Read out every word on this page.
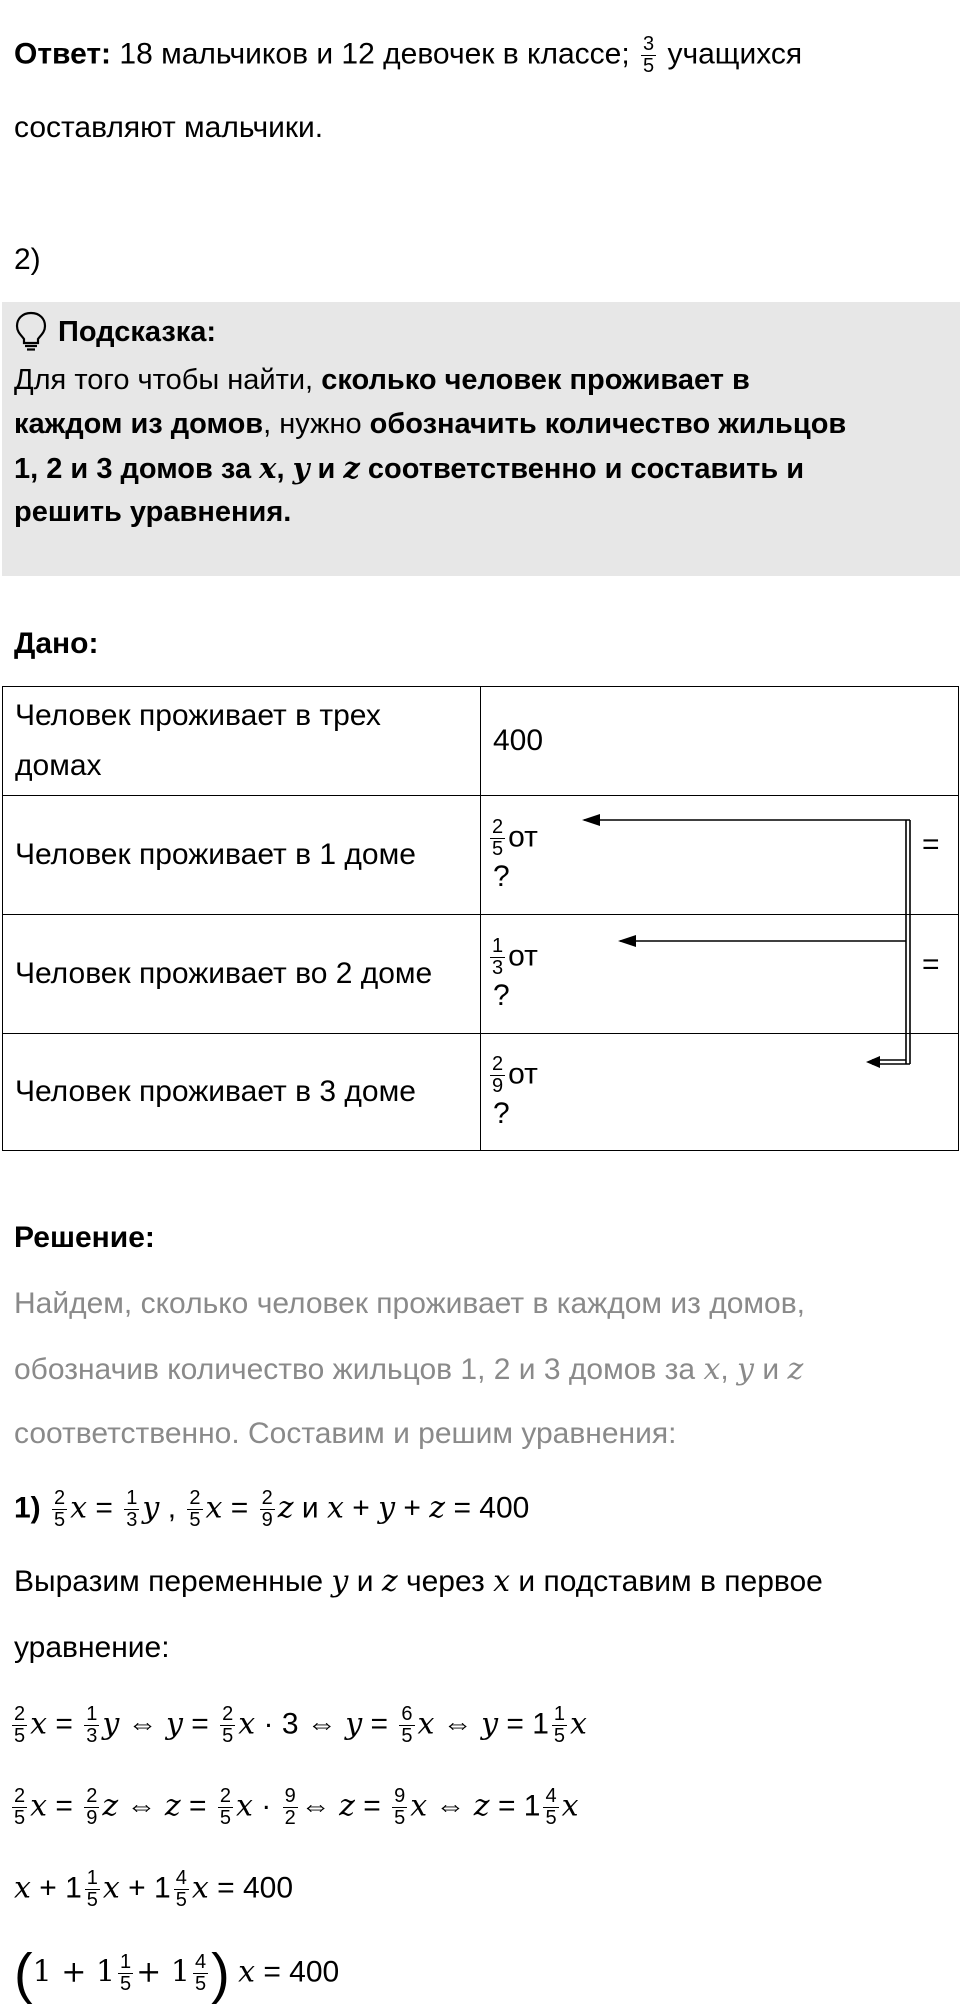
Ответ: 18 мальчиков и 12 девочек в классе; $\frac{3}{5}$ учащихся
составляют мальчики.
2)
Подсказка:
Для того чтобы найти, сколько человек проживает в
каждом из домов, нужно обозначить количество жильцов
1, 2 и 3 домов за x, y и z соответственно и составить и
решить уравнения.
Дано:
Человек проживает в трех домах	400
Человек проживает в 1 доме	$\frac{2}{5}$ от
?

Человек проживает во 2 доме	$\frac{1}{3}$ от
?

Человек проживает в 3 доме	$\frac{2}{9}$ от
?
=
=
Решение:
Найдем, сколько человек проживает в каждом из домов,
обозначив количество жильцов 1, 2 и 3 домов за x, y и z
соответственно. Составим и решим уравнения:
$1) \frac{2}{5}$ $x = \frac{1}{3}$ y , $\frac{2}{5}$ $x = \frac{2}{9}$ z и x + y + z = 400
Выразим переменные y и z через x и подставим в первое
уравнение:
$\frac{2}{5}$ $x = \frac{1}{3}$ y ⇔ $y = \frac{2}{5}$ x · 3 ⇔ $y = \frac{6}{5}$ x ⇔ $y = 1 \frac{1}{5}$ x
$\frac{2}{5}$ $x = \frac{2}{9}$ z ⇔ $z = \frac{2}{5}$ $x \cdot \frac{9}{2}$ ⇔ $z = \frac{9}{5}$ x ⇔ $z = 1 \frac{4}{5}$ x
$x + 1 \frac{1}{5}$ $x + 1 \frac{4}{5}$ x = 400
($1 + 1 \frac{1}{5} + 1 \frac{4}{5}$ ) x = 400
